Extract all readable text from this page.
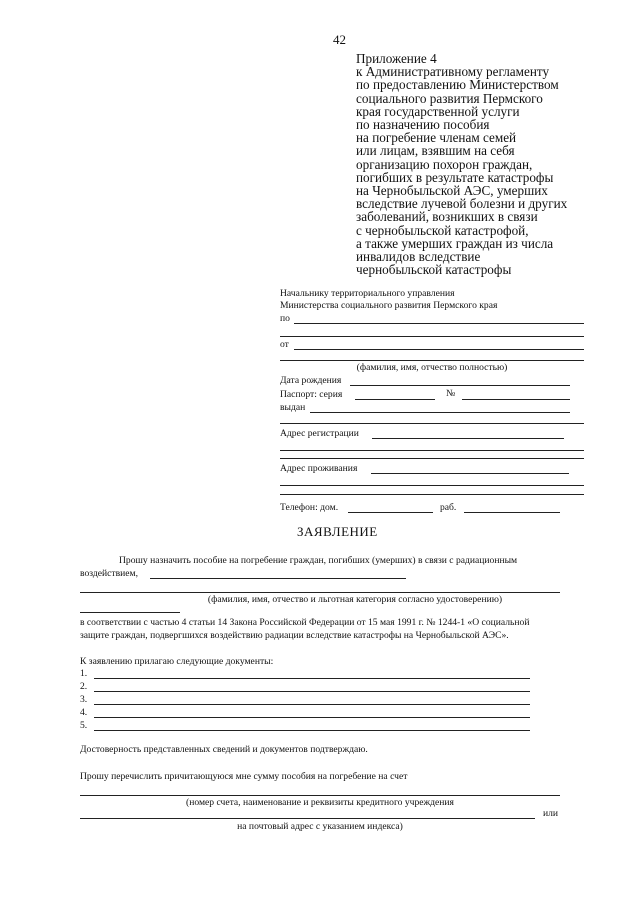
42
Приложение 4
к Административному регламенту
по предоставлению Министерством
социального развития Пермского
края государственной услуги
по назначению пособия
на погребение членам семей
или лицам, взявшим на себя
организацию похорон граждан,
погибших в результате катастрофы
на Чернобыльской АЭС, умерших
вследствие лучевой болезни и других
заболеваний, возникших в связи
с чернобыльской катастрофой,
а также умерших граждан из числа
инвалидов вследствие
чернобыльской катастрофы
Начальнику территориального управления
Министерства социального развития Пермского края
по
от
(фамилия, имя, отчество полностью)
Дата рождения
Паспорт: серия	№
выдан
Адрес регистрации
Адрес проживания
Телефон: дом.	раб.
ЗАЯВЛЕНИЕ
Прошу назначить пособие на погребение граждан, погибших (умерших) в связи с радиационным
воздействием,
(фамилия, имя, отчество и льготная категория согласно удостоверению)
в соответствии с частью 4 статьи 14 Закона Российской Федерации от 15 мая 1991 г. № 1244-1 «О социальной
защите граждан, подвергшихся воздействию радиации вследствие катастрофы на Чернобыльской АЭС».
К заявлению прилагаю следующие документы:
1.
2.
3.
4.
5.
Достоверность представленных сведений и документов подтверждаю.
Прошу перечислить причитающуюся мне сумму пособия на погребение на счет
(номер счета, наименование и реквизиты кредитного учреждения
или
на почтовый адрес с указанием индекса)
